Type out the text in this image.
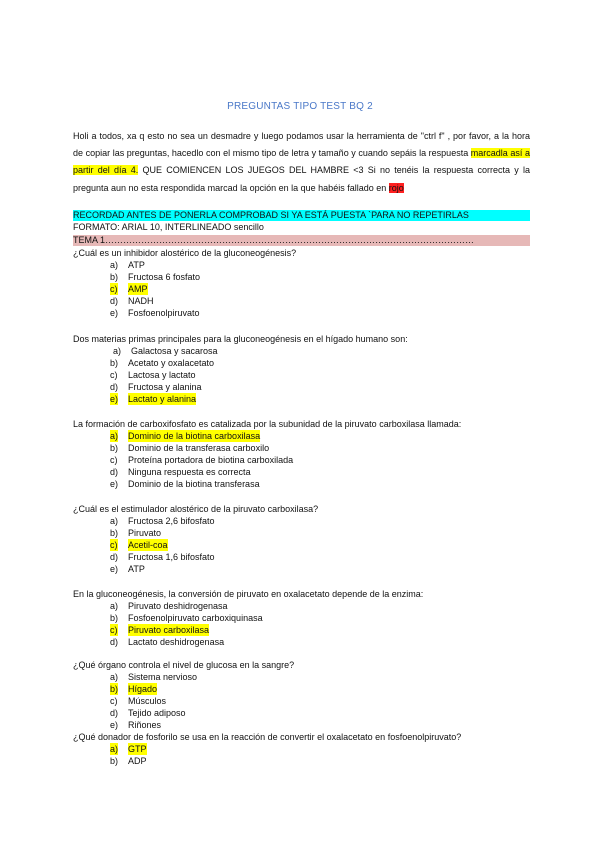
PREGUNTAS TIPO TEST BQ 2
Holi a todos, xa q esto no sea un desmadre y luego podamos usar la herramienta de "ctrl f" , por favor, a la hora de copiar las preguntas, hacedlo con el mismo tipo de letra y tamaño y cuando sepáis la respuesta marcadla así a partir del día 4. QUE COMIENCEN LOS JUEGOS DEL HAMBRE <3 Si no tenéis la respuesta correcta y la pregunta aun no esta respondida marcad la opción en la que habéis fallado en rojo
RECORDAD ANTES DE PONERLA COMPROBAD SI YA ESTÁ PUESTA `PARA NO REPETIRLAS
FORMATO: ARIAL 10, INTERLINEADO sencillo
TEMA 1……………………………………………………………………………………………………………
¿Cuál es un inhibidor alostérico de la gluconeogénesis?
a) ATP
b) Fructosa 6 fosfato
c) AMP
d) NADH
e) Fosfoenolpiruvato
Dos materias primas principales para la gluconeogénesis en el hígado humano son:
a) Galactosa y sacarosa
b) Acetato y oxalacetato
c) Lactosa y lactato
d) Fructosa y alanina
e) Lactato y alanina
La formación de carboxifosfato es catalizada por la subunidad de la piruvato carboxilasa llamada:
a) Dominio de la biotina carboxilasa
b) Dominio de la transferasa carboxilo
c) Proteína portadora de biotina carboxilada
d) Ninguna respuesta es correcta
e) Dominio de la biotina transferasa
¿Cuál es el estimulador alostérico de la piruvato carboxilasa?
a) Fructosa 2,6 bifosfato
b) Piruvato
c) Acetil-coa
d) Fructosa 1,6 bifosfato
e) ATP
En la gluconeogénesis, la conversión de piruvato en oxalacetato depende de la enzima:
a) Piruvato deshidrogenasa
b) Fosfoenolpiruvato carboxiquinasa
c) Piruvato carboxilasa
d) Lactato deshidrogenasa
¿Qué órgano controla el nivel de glucosa en la sangre?
a) Sistema nervioso
b) Hígado
c) Músculos
d) Tejido adiposo
e) Riñones
¿Qué donador de fosforilo se usa en la reacción de convertir el oxalacetato en fosfoenolpiruvato?
a) GTP
b) ADP
